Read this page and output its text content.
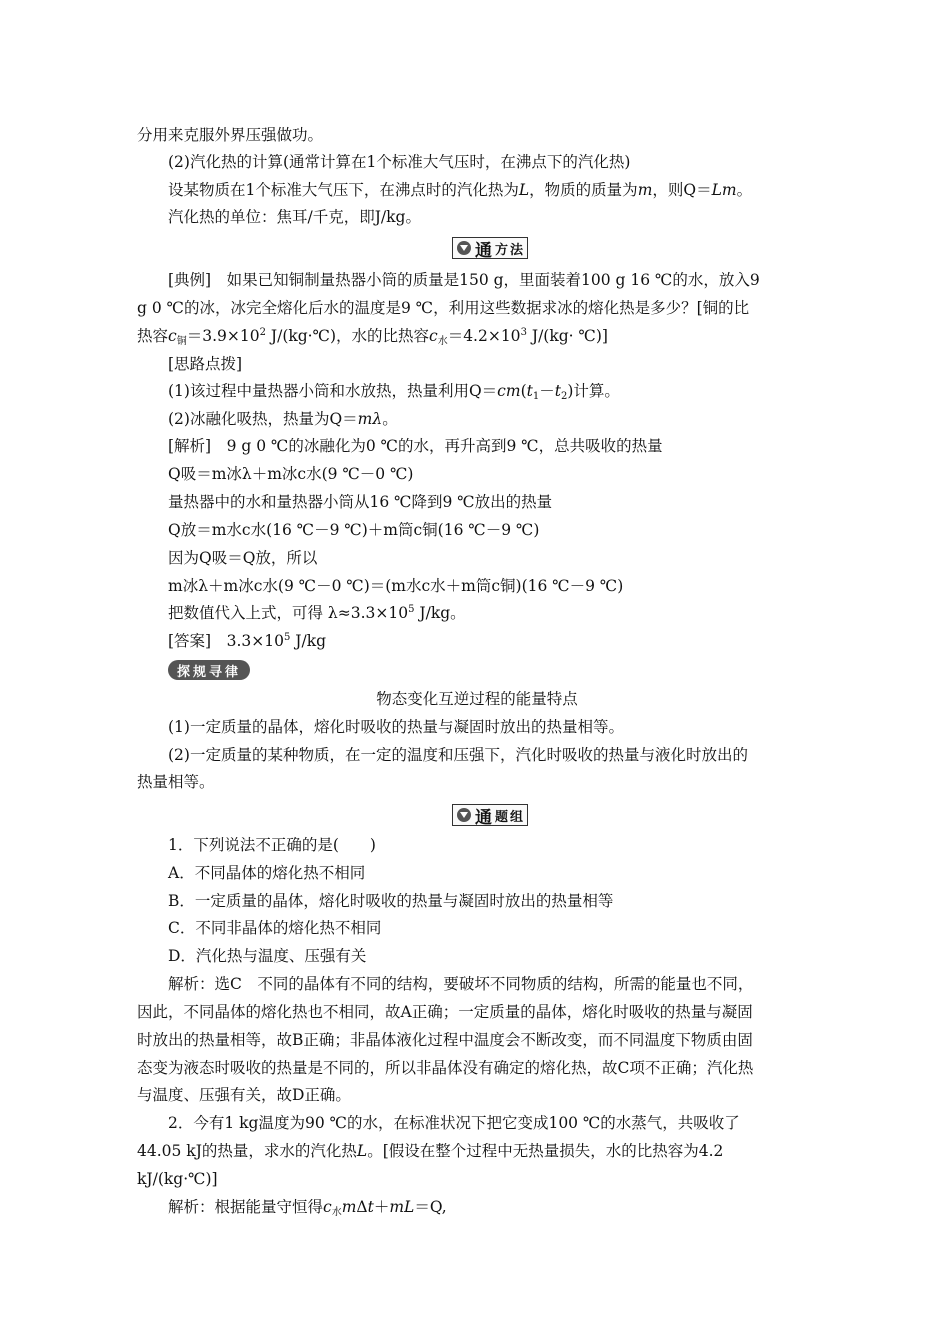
分用来克服外界压强做功。
(2)汽化热的计算(通常计算在1个标准大气压时，在沸点下的汽化热)
设某物质在1个标准大气压下，在沸点时的汽化热为L，物质的质量为m，则Q＝Lm。
汽化热的单位：焦耳/千克，即J/kg。
通 方法
[典例]　如果已知铜制量热器小筒的质量是150 g，里面装着100 g 16 ℃的水，放入9
g 0 ℃的冰，冰完全熔化后水的温度是9 ℃，利用这些数据求冰的熔化热是多少？[铜的比
热容$c_铜=3.9\times 10^2$ J/(kg·℃)，水的比热容$c_水=4.2\times 10^3$ J/(kg· ℃)]
[思路点拨]
(1)该过程中量热器小筒和水放热，热量利用$Q=cm(t_1-t_2)$计算。
(2)冰融化吸热，热量为Q＝mλ。
[解析]　9 g 0 ℃的冰融化为0 ℃的水，再升高到9 ℃，总共吸收的热量
Q吸＝m冰λ＋m冰c水(9 ℃－0 ℃)
量热器中的水和量热器小筒从16 ℃降到9 ℃放出的热量
Q放＝m水c水(16 ℃－9 ℃)＋m筒c铜(16 ℃－9 ℃)
因为Q吸＝Q放，所以
m冰λ＋m冰c水(9 ℃－0 ℃)＝(m水c水＋m筒c铜)(16 ℃－9 ℃)
把数值代入上式，可得 $\lambda\approx 3.3\times 10^5$ J/kg。
[答案]　$3.3\times 10^5$ J/kg
探规寻律
物态变化互逆过程的能量特点
(1)一定质量的晶体，熔化时吸收的热量与凝固时放出的热量相等。
(2)一定质量的某种物质，在一定的温度和压强下，汽化时吸收的热量与液化时放出的
热量相等。
通 题组
1．下列说法不正确的是(　　)
A．不同晶体的熔化热不相同
B．一定质量的晶体，熔化时吸收的热量与凝固时放出的热量相等
C．不同非晶体的熔化热不相同
D．汽化热与温度、压强有关
解析：选C　不同的晶体有不同的结构，要破坏不同物质的结构，所需的能量也不同，
因此，不同晶体的熔化热也不相同，故A正确；一定质量的晶体，熔化时吸收的热量与凝固
时放出的热量相等，故B正确；非晶体液化过程中温度会不断改变，而不同温度下物质由固
态变为液态时吸收的热量是不同的，所以非晶体没有确定的熔化热，故C项不正确；汽化热
与温度、压强有关，故D正确。
2．今有1 kg温度为90 ℃的水，在标准状况下把它变成100 ℃的水蒸气，共吸收了
44.05 kJ的热量，求水的汽化热L。[假设在整个过程中无热量损失，水的比热容为4.2
kJ/(kg·℃)]
解析：根据能量守恒得$c_水m\Delta t+mL=Q$,
